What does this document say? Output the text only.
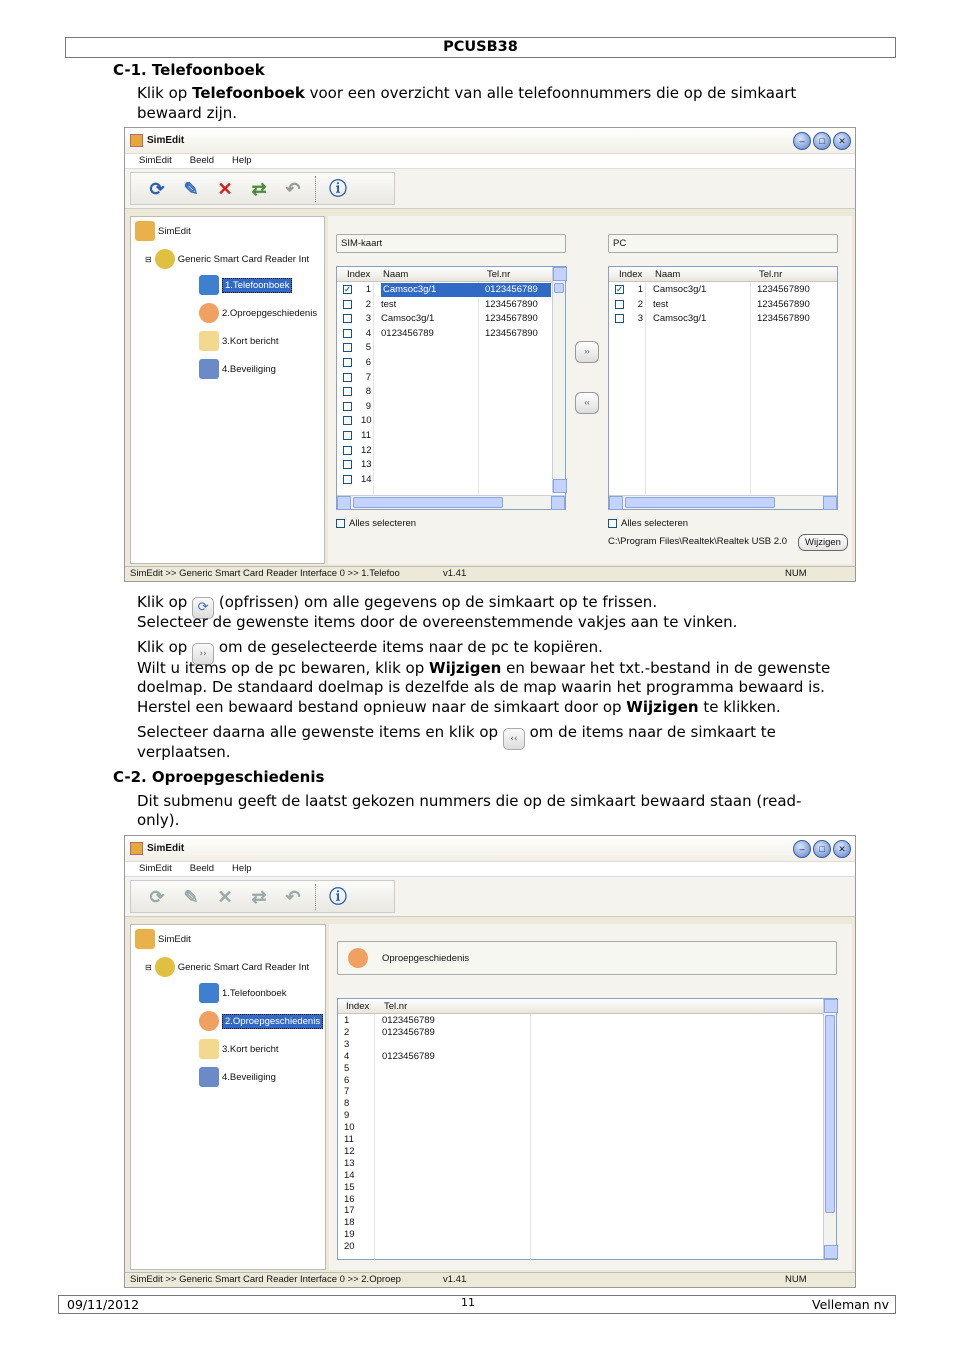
PCUSB38
C-1. Telefoonboek
Klik op Telefoonboek voor een overzicht van alle telefoonnummers die op de simkaart
bewaard zijn.
SimEdit	–	□	✕
SimEdit Beeld Help
⟳ ✎ ✕ ⇄ ↶ ⓘ
SimEdit
⊟	Generic Smart Card Reader Int
1.Telefoonboek
2.Oproepgeschiedenis
3.Kort bericht
4.Beveiliging
SIM-kaart	PC
Index Naam	Tel.nr
✓	1 Camsoc3g/1	0123456789
2 test	1234567890
3 Camsoc3g/1	1234567890
4 0123456789	1234567890
5
6
7
8
9
10
11
12
13
14
››
‹‹
Index Naam	Tel.nr
✓	1 Camsoc3g/1	1234567890
2 test	1234567890
3 Camsoc3g/1	1234567890
Alles selecteren	Alles selecteren
C:\Program Files\Realtek\Realtek USB 2.0	Wijzigen
SimEdit >> Generic Smart Card Reader Interface 0 >> 1.Telefoo	v1.41	NUM
Klik op ⟳ (opfrissen) om alle gegevens op de simkaart op te frissen.
Selecteer de gewenste items door de overeenstemmende vakjes aan te vinken.
Klik op ›› om de geselecteerde items naar de pc te kopiëren.
Wilt u items op de pc bewaren, klik op Wijzigen en bewaar het txt.-bestand in de gewenste
doelmap. De standaard doelmap is dezelfde als de map waarin het programma bewaard is.
Herstel een bewaard bestand opnieuw naar de simkaart door op Wijzigen te klikken.
Selecteer daarna alle gewenste items en klik op ‹‹ om de items naar de simkaart te
verplaatsen.
C-2. Oproepgeschiedenis
Dit submenu geeft de laatst gekozen nummers die op de simkaart bewaard staan (read-
only).
SimEdit	–	□	✕
SimEdit Beeld Help
⟳ ✎ ✕ ⇄ ↶ ⓘ
SimEdit
⊟	Generic Smart Card Reader Int
1.Telefoonboek
2.Oproepgeschiedenis
3.Kort bericht
4.Beveiliging
Oproepgeschiedenis
Index Tel.nr
1	0123456789
2	0123456789
3
4	0123456789
5
6
7
8
9
10
11
12
13
14
15
16
17
18
19
20
SimEdit >> Generic Smart Card Reader Interface 0 >> 2.Oproep	v1.41	NUM
09/11/2012	11	Velleman nv
